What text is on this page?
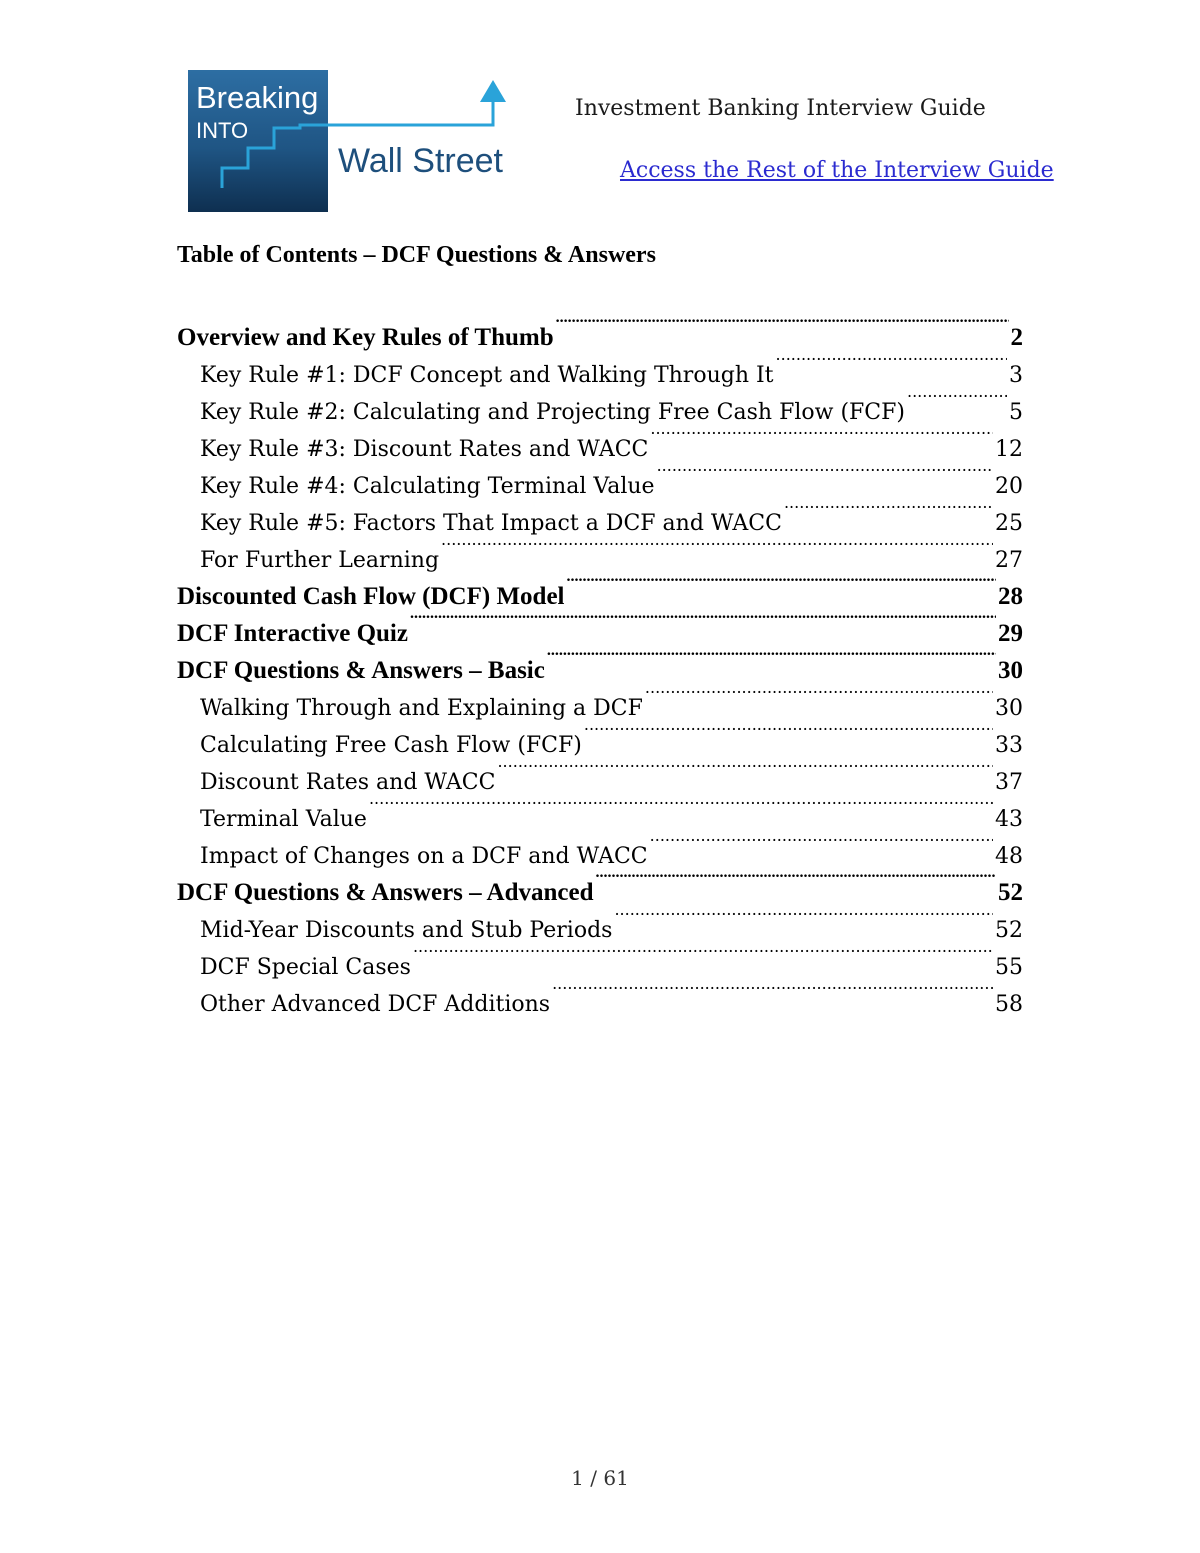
Breaking
INTO
Wall Street
Investment Banking Interview Guide
Access the Rest of the Interview Guide
Table of Contents – DCF Questions & Answers
Overview and Key Rules of Thumb .....	2
Key Rule #1: DCF Concept and Walking Through It .....	3
Key Rule #2: Calculating and Projecting Free Cash Flow (FCF) .....	5
Key Rule #3: Discount Rates and WACC .....	12
Key Rule #4: Calculating Terminal Value .....	20
Key Rule #5: Factors That Impact a DCF and WACC .....	25
For Further Learning .....	27
Discounted Cash Flow (DCF) Model .....	28
DCF Interactive Quiz .....	29
DCF Questions & Answers – Basic .....	30
Walking Through and Explaining a DCF .....	30
Calculating Free Cash Flow (FCF) .....	33
Discount Rates and WACC .....	37
Terminal Value .....	43
Impact of Changes on a DCF and WACC .....	48
DCF Questions & Answers – Advanced .....	52
Mid-Year Discounts and Stub Periods .....	52
DCF Special Cases .....	55
Other Advanced DCF Additions .....	58
1 / 61
